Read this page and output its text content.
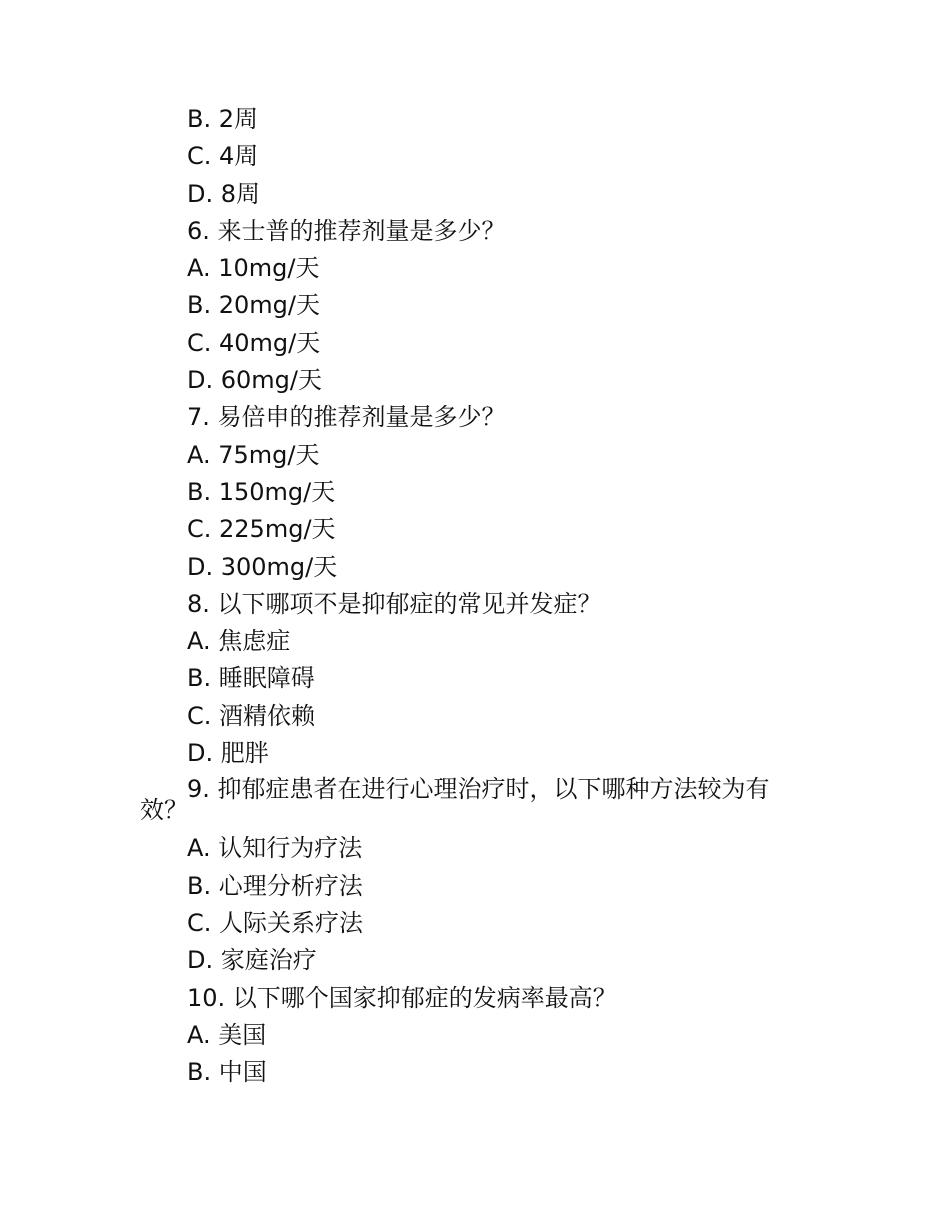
B. 2周
C. 4周
D. 8周
6. 来士普的推荐剂量是多少？
A. 10mg/天
B. 20mg/天
C. 40mg/天
D. 60mg/天
7. 易倍申的推荐剂量是多少？
A. 75mg/天
B. 150mg/天
C. 225mg/天
D. 300mg/天
8. 以下哪项不是抑郁症的常见并发症？
A. 焦虑症
B. 睡眠障碍
C. 酒精依赖
D. 肥胖
9. 抑郁症患者在进行心理治疗时，以下哪种方法较为有效？
A. 认知行为疗法
B. 心理分析疗法
C. 人际关系疗法
D. 家庭治疗
10. 以下哪个国家抑郁症的发病率最高？
A. 美国
B. 中国
